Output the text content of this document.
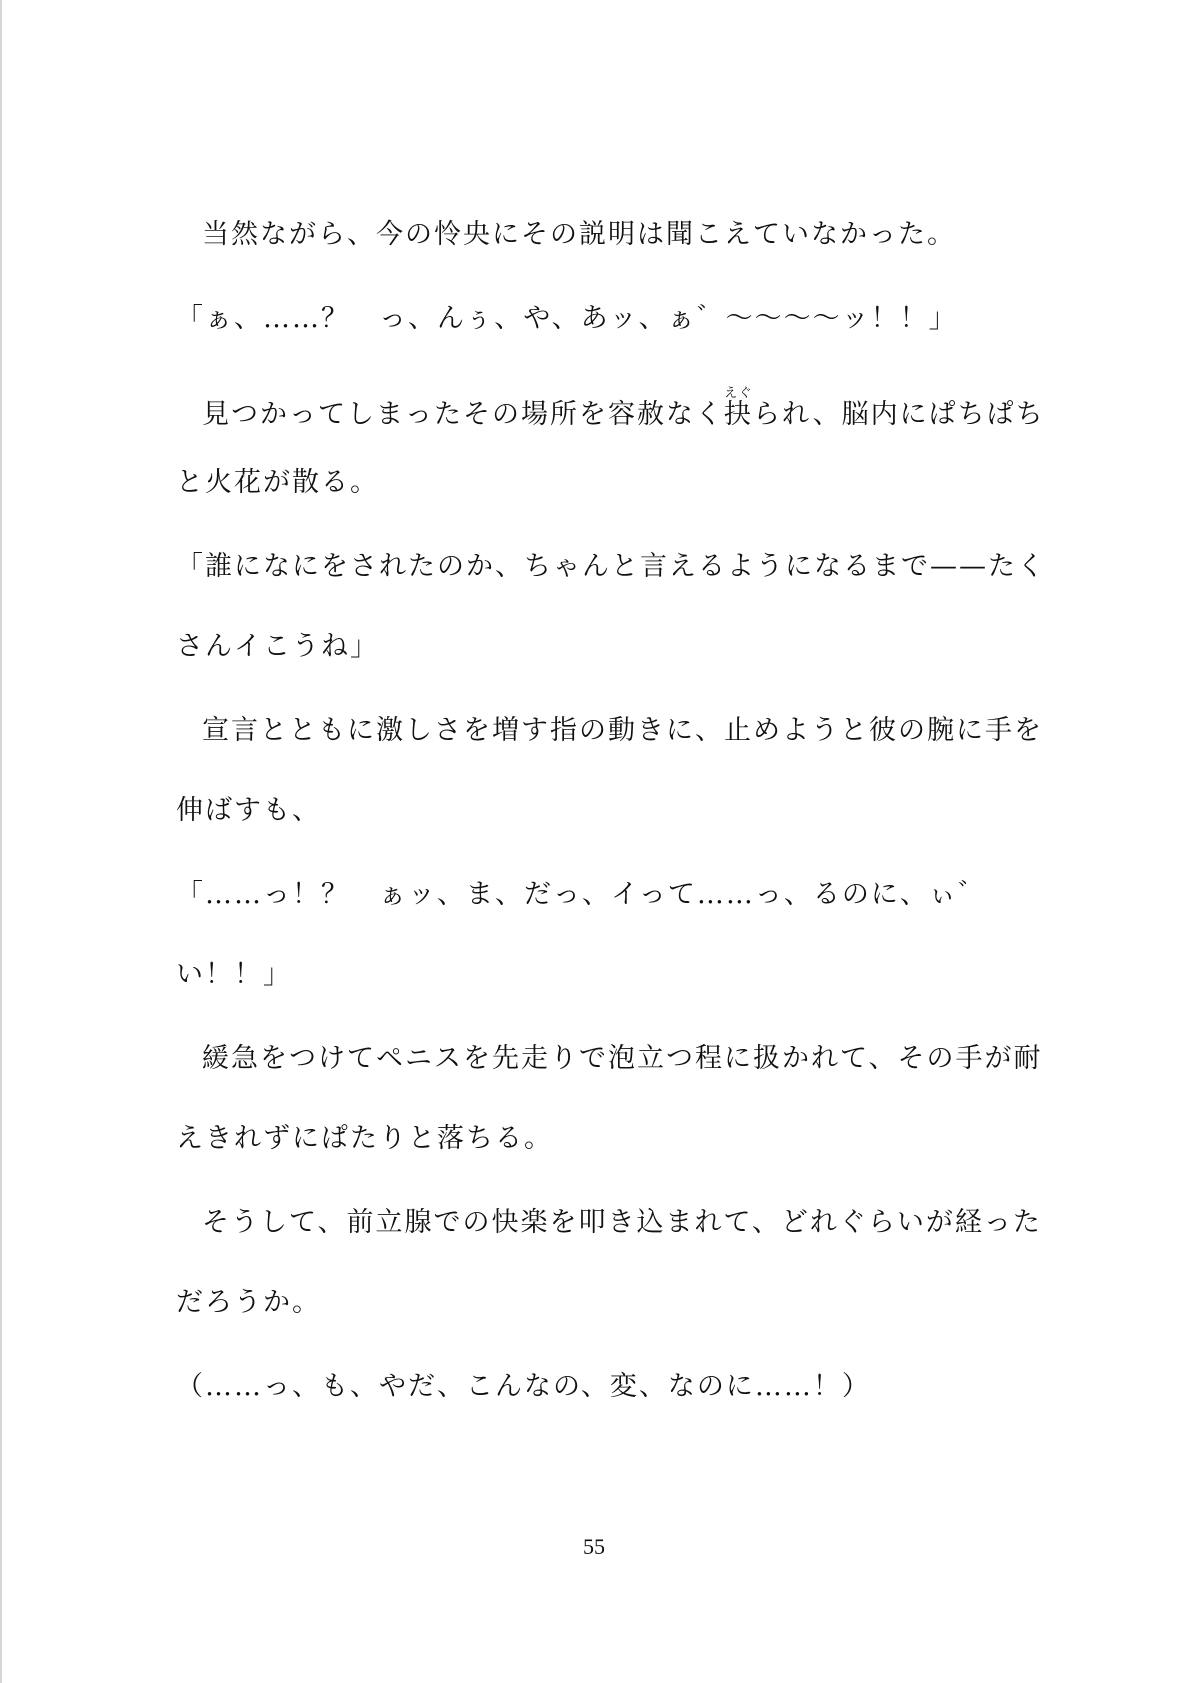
当然ながら、今の怜央にその説明は聞こえていなかった。
「ぁ、……？　っ、んぅ、や、あッ、ぁ゛〜〜〜〜ッ！！」
見つかってしまったその場所を容赦なく抉えぐられ、脳内にぱちぱち
と火花が散る。
「誰になにをされたのか、ちゃんと言えるようになるまで——たく
さんイこうね」
宣言とともに激しさを増す指の動きに、止めようと彼の腕に手を
伸ばすも、
「……っ！？　ぁッ、ま、だっ、イって……っ、るのに、ぃ゛
い！！」
緩急をつけてペニスを先走りで泡立つ程に扱かれて、その手が耐
えきれずにぱたりと落ちる。
そうして、前立腺での快楽を叩き込まれて、どれぐらいが経った
だろうか。
（……っ、も、やだ、こんなの、変、なのに……！）
55
